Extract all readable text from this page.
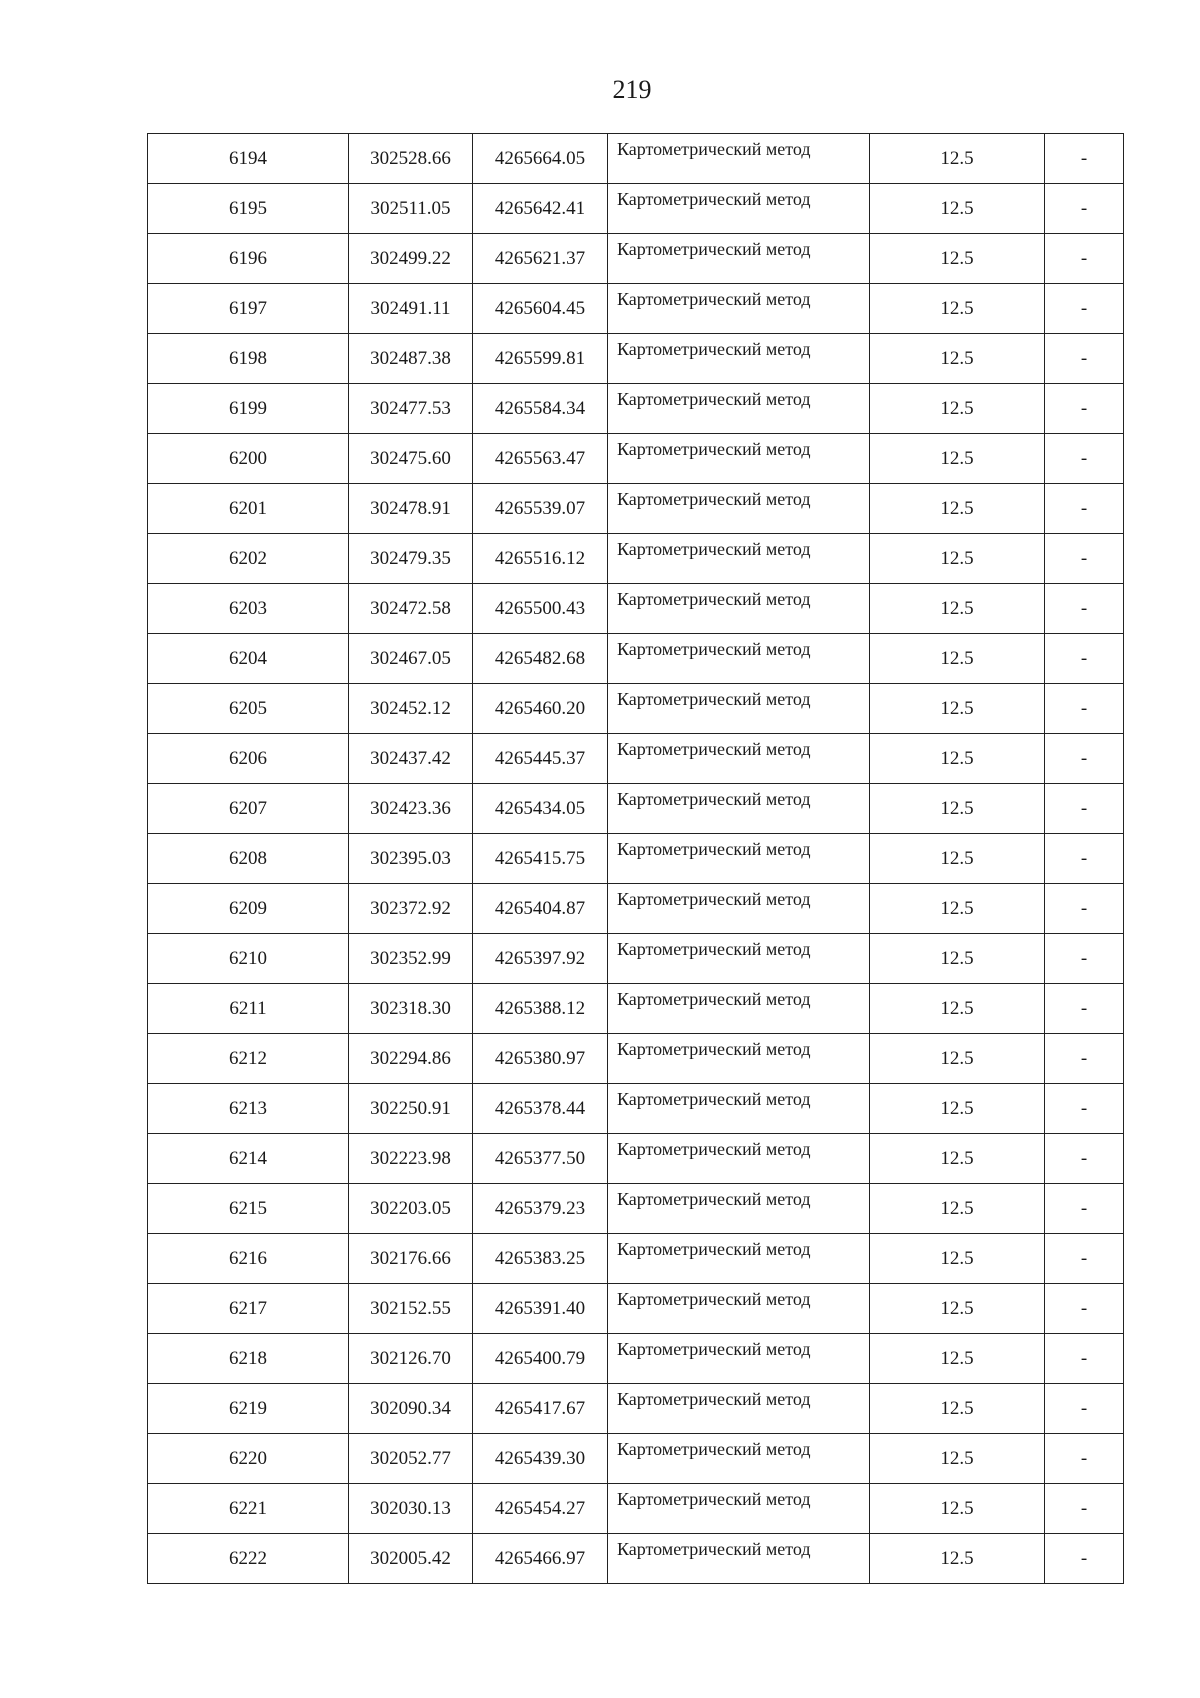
219
6194	302528.66	4265664.05	Картометрический метод	12.5	-
6195	302511.05	4265642.41	Картометрический метод	12.5	-
6196	302499.22	4265621.37	Картометрический метод	12.5	-
6197	302491.11	4265604.45	Картометрический метод	12.5	-
6198	302487.38	4265599.81	Картометрический метод	12.5	-
6199	302477.53	4265584.34	Картометрический метод	12.5	-
6200	302475.60	4265563.47	Картометрический метод	12.5	-
6201	302478.91	4265539.07	Картометрический метод	12.5	-
6202	302479.35	4265516.12	Картометрический метод	12.5	-
6203	302472.58	4265500.43	Картометрический метод	12.5	-
6204	302467.05	4265482.68	Картометрический метод	12.5	-
6205	302452.12	4265460.20	Картометрический метод	12.5	-
6206	302437.42	4265445.37	Картометрический метод	12.5	-
6207	302423.36	4265434.05	Картометрический метод	12.5	-
6208	302395.03	4265415.75	Картометрический метод	12.5	-
6209	302372.92	4265404.87	Картометрический метод	12.5	-
6210	302352.99	4265397.92	Картометрический метод	12.5	-
6211	302318.30	4265388.12	Картометрический метод	12.5	-
6212	302294.86	4265380.97	Картометрический метод	12.5	-
6213	302250.91	4265378.44	Картометрический метод	12.5	-
6214	302223.98	4265377.50	Картометрический метод	12.5	-
6215	302203.05	4265379.23	Картометрический метод	12.5	-
6216	302176.66	4265383.25	Картометрический метод	12.5	-
6217	302152.55	4265391.40	Картометрический метод	12.5	-
6218	302126.70	4265400.79	Картометрический метод	12.5	-
6219	302090.34	4265417.67	Картометрический метод	12.5	-
6220	302052.77	4265439.30	Картометрический метод	12.5	-
6221	302030.13	4265454.27	Картометрический метод	12.5	-
6222	302005.42	4265466.97	Картометрический метод	12.5	-
